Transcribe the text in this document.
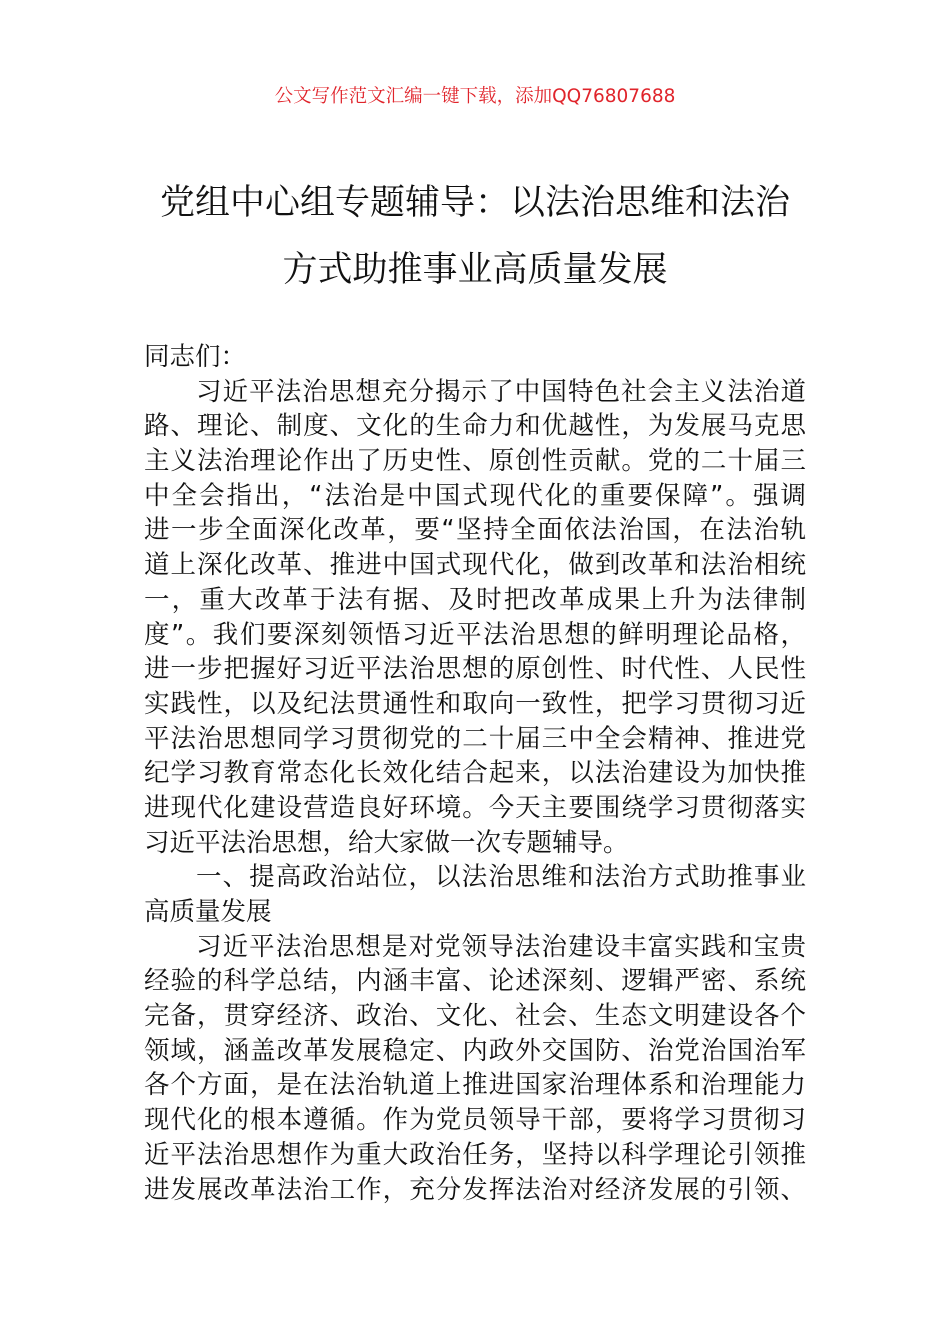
公文写作范文汇编一键下载，添加QQ76807688
党组中心组专题辅导：以法治思维和法治
方式助推事业高质量发展
同志们：
习近平法治思想充分揭示了中国特色社会主义法治道
路、理论、制度、文化的生命力和优越性，为发展马克思
主义法治理论作出了历史性、原创性贡献。党的二十届三
中全会指出，“法治是中国式现代化的重要保障”。强调
进一步全面深化改革，要“坚持全面依法治国，在法治轨
道上深化改革、推进中国式现代化，做到改革和法治相统
一，重大改革于法有据、及时把改革成果上升为法律制
度”。我们要深刻领悟习近平法治思想的鲜明理论品格，
进一步把握好习近平法治思想的原创性、时代性、人民性
实践性，以及纪法贯通性和取向一致性，把学习贯彻习近
平法治思想同学习贯彻党的二十届三中全会精神、推进党
纪学习教育常态化长效化结合起来，以法治建设为加快推
进现代化建设营造良好环境。今天主要围绕学习贯彻落实
习近平法治思想，给大家做一次专题辅导。
一、提高政治站位，以法治思维和法治方式助推事业
高质量发展
习近平法治思想是对党领导法治建设丰富实践和宝贵
经验的科学总结，内涵丰富、论述深刻、逻辑严密、系统
完备，贯穿经济、政治、文化、社会、生态文明建设各个
领域，涵盖改革发展稳定、内政外交国防、治党治国治军
各个方面，是在法治轨道上推进国家治理体系和治理能力
现代化的根本遵循。作为党员领导干部，要将学习贯彻习
近平法治思想作为重大政治任务，坚持以科学理论引领推
进发展改革法治工作，充分发挥法治对经济发展的引领、
